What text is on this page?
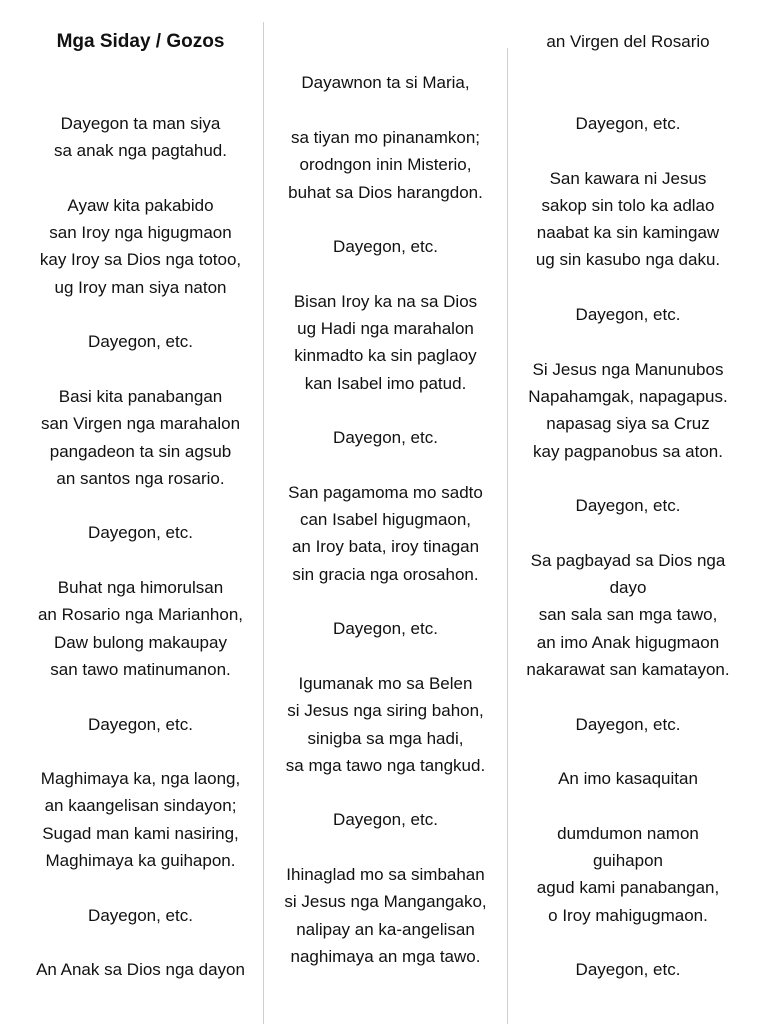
Mga Siday / Gozos
Dayegon ta man siya
sa anak nga pagtahud.
Ayaw kita pakabido
san Iroy nga higugmaon
kay Iroy sa Dios nga totoo,
ug Iroy man siya naton
Dayegon, etc.
Basi kita panabangan
san Virgen nga marahalon
pangadeon ta sin agsub
an santos nga rosario.
Dayegon, etc.
Buhat nga himorulsan
an Rosario nga Marianhon,
Daw bulong makaupay
san tawo matinumanon.
Dayegon, etc.
Maghimaya ka, nga laong,
an kaangelisan sindayon;
Sugad man kami nasiring,
Maghimaya ka guihapon.
Dayegon, etc.
An Anak sa Dios nga dayon
Dayawnon ta si Maria,
sa tiyan mo pinanamkon;
orodngon inin Misterio,
buhat sa Dios harangdon.
Dayegon, etc.
Bisan Iroy ka na sa Dios
ug Hadi nga marahalon
kinmadto ka sin paglaoy
kan Isabel imo patud.
Dayegon, etc.
San pagamoma mo sadto
can Isabel higugmaon,
an Iroy bata, iroy tinagan
sin gracia nga orosahon.
Dayegon, etc.
Igumanak mo sa Belen
si Jesus nga siring bahon,
sinigba sa mga hadi,
sa mga tawo nga tangkud.
Dayegon, etc.
Ihinaglad mo sa simbahan
si Jesus nga Mangangako,
nalipay an ka-angelisan
naghimaya an mga tawo.
an Virgen del Rosario
Dayegon, etc.
San kawara ni Jesus
sakop sin tolo ka adlao
naabat ka sin kamingaw
ug sin kasubo nga daku.
Dayegon, etc.
Si Jesus nga Manunubos
Napahamgak, napagapus.
napasag siya sa Cruz
kay pagpanobus sa aton.
Dayegon, etc.
Sa pagbayad sa Dios nga
dayo
san sala san mga tawo,
an imo Anak higugmaon
nakarawat san kamatayon.
Dayegon, etc.
An imo kasaquitan
dumdumon namon
guihapon
agud kami panabangan,
o Iroy mahigugmaon.
Dayegon, etc.
